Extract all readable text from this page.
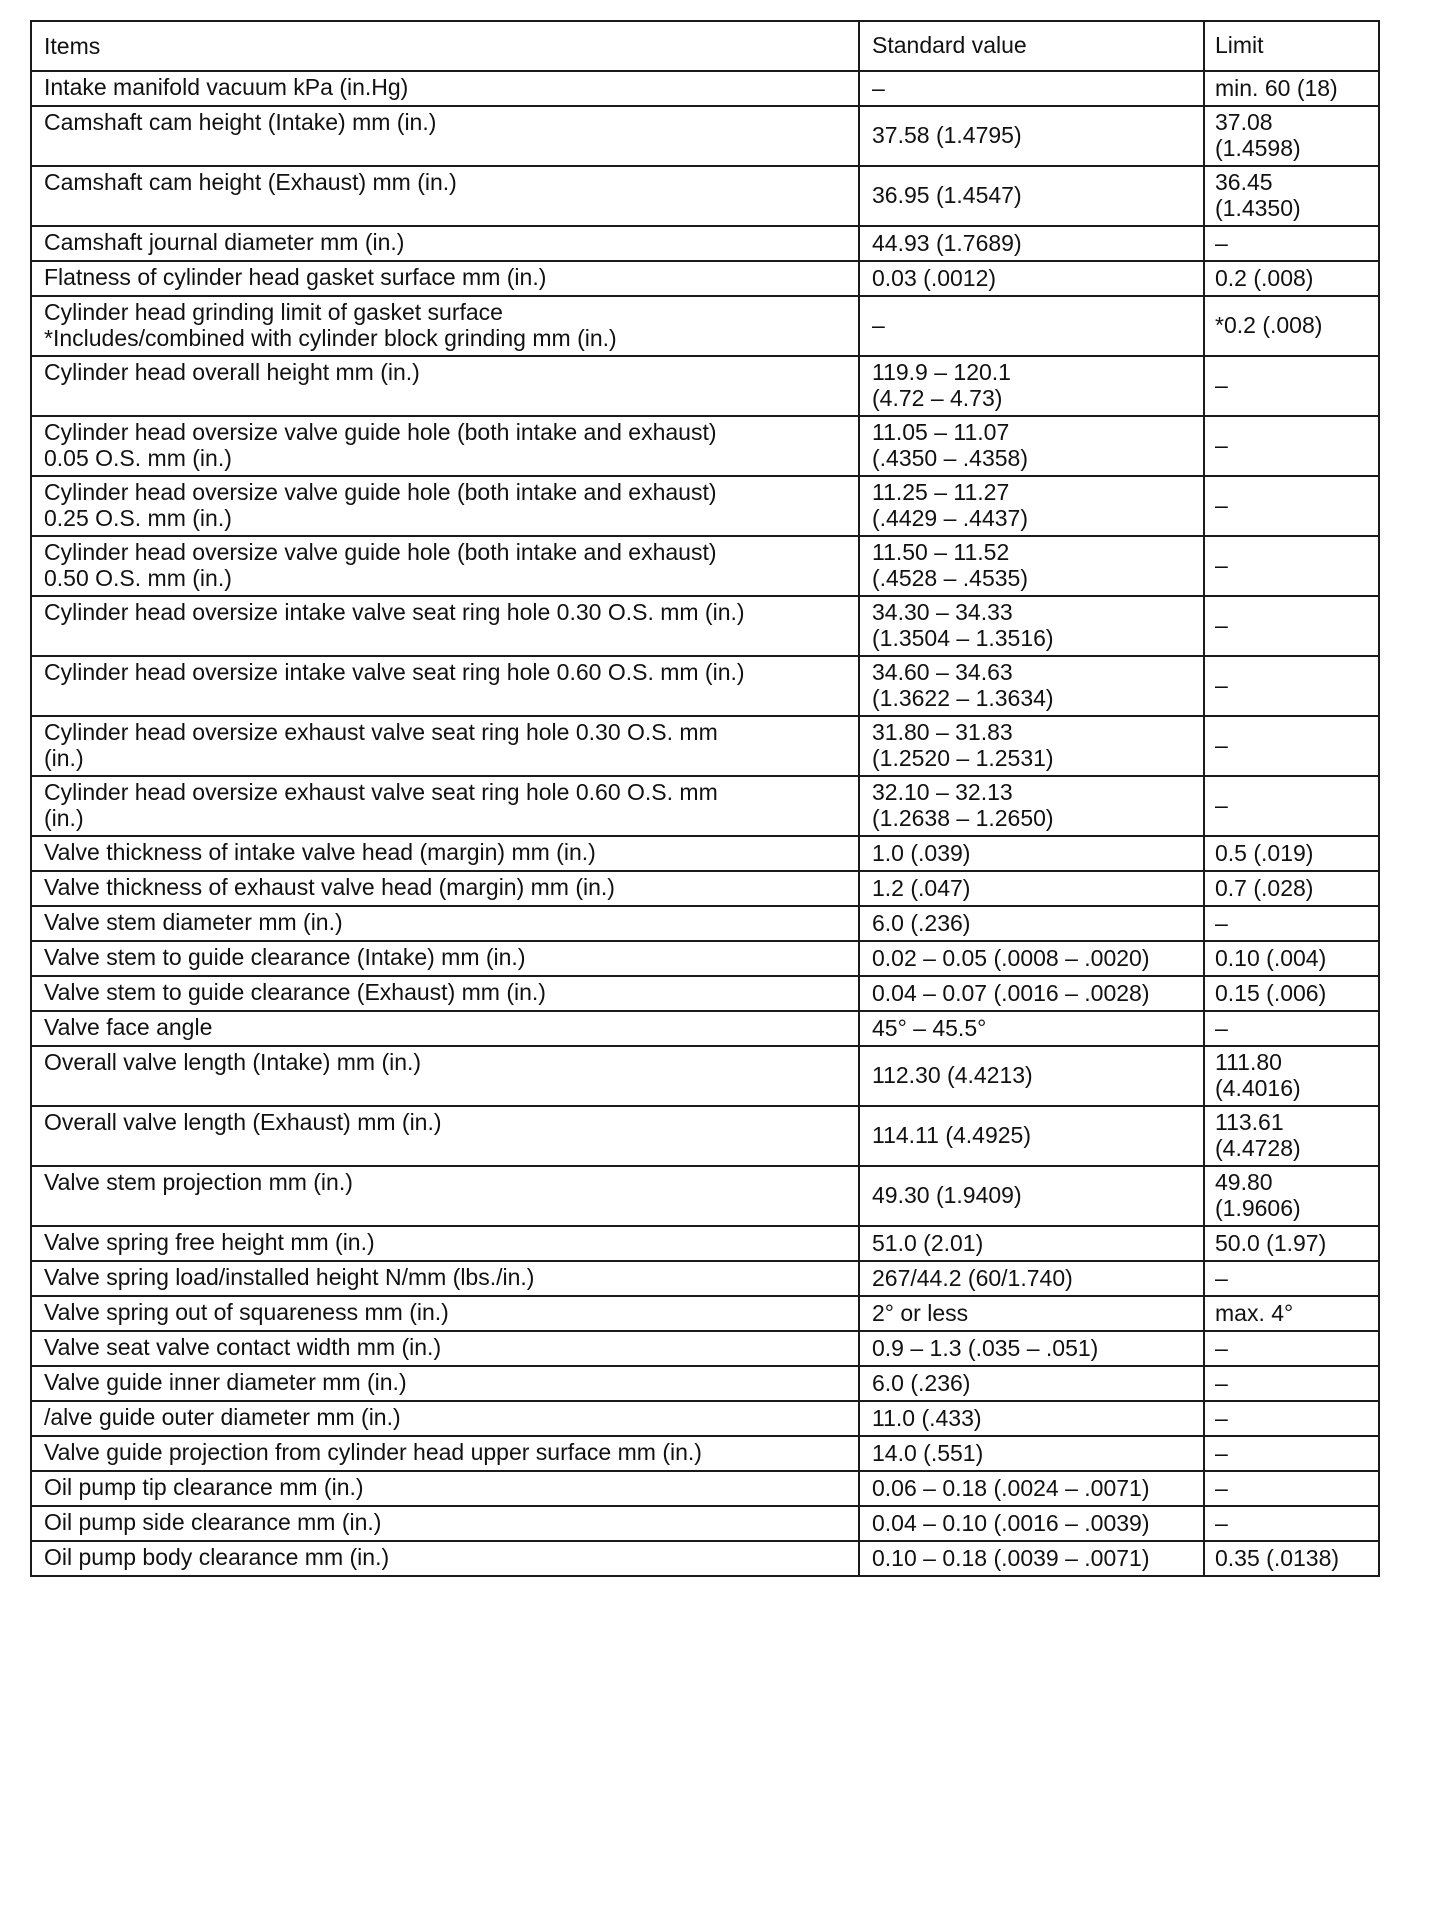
Items	Standard value	Limit

Intake manifold vacuum kPa (in.Hg)	–	min. 60 (18)

Camshaft cam height (Intake) mm (in.)	37.58 (1.4795)	37.08
(1.4598)

Camshaft cam height (Exhaust) mm (in.)	36.95 (1.4547)	36.45
(1.4350)

Camshaft journal diameter mm (in.)	44.93 (1.7689)	–

Flatness of cylinder head gasket surface mm (in.)	0.03 (.0012)	0.2 (.008)

Cylinder head grinding limit of gasket surface
*Includes/combined with cylinder block grinding mm (in.)	–	*0.2 (.008)

Cylinder head overall height mm (in.)	119.9 – 120.1
(4.72 – 4.73)	–

Cylinder head oversize valve guide hole (both intake and exhaust)
0.05 O.S. mm (in.)	11.05 – 11.07
(.4350 – .4358)	–

Cylinder head oversize valve guide hole (both intake and exhaust)
0.25 O.S. mm (in.)	11.25 – 11.27
(.4429 – .4437)	–

Cylinder head oversize valve guide hole (both intake and exhaust)
0.50 O.S. mm (in.)	11.50 – 11.52
(.4528 – .4535)	–

Cylinder head oversize intake valve seat ring hole 0.30 O.S. mm (in.)	34.30 – 34.33
(1.3504 – 1.3516)	–

Cylinder head oversize intake valve seat ring hole 0.60 O.S. mm (in.)	34.60 – 34.63
(1.3622 – 1.3634)	–

Cylinder head oversize exhaust valve seat ring hole 0.30 O.S. mm
(in.)	31.80 – 31.83
(1.2520 – 1.2531)	–

Cylinder head oversize exhaust valve seat ring hole 0.60 O.S. mm
(in.)	32.10 – 32.13
(1.2638 – 1.2650)	–

Valve thickness of intake valve head (margin) mm (in.)	1.0 (.039)	0.5 (.019)

Valve thickness of exhaust valve head (margin) mm (in.)	1.2 (.047)	0.7 (.028)

Valve stem diameter mm (in.)	6.0 (.236)	–

Valve stem to guide clearance (Intake) mm (in.)	0.02 – 0.05 (.0008 – .0020)	0.10 (.004)

Valve stem to guide clearance (Exhaust) mm (in.)	0.04 – 0.07 (.0016 – .0028)	0.15 (.006)

Valve face angle	45° – 45.5°	–

Overall valve length (Intake) mm (in.)	112.30 (4.4213)	111.80
(4.4016)

Overall valve length (Exhaust) mm (in.)	114.11 (4.4925)	113.61
(4.4728)

Valve stem projection mm (in.)	49.30 (1.9409)	49.80
(1.9606)

Valve spring free height mm (in.)	51.0 (2.01)	50.0 (1.97)

Valve spring load/installed height N/mm (lbs./in.)	267/44.2 (60/1.740)	–

Valve spring out of squareness mm (in.)	2° or less	max. 4°

Valve seat valve contact width mm (in.)	0.9 – 1.3 (.035 – .051)	–

Valve guide inner diameter mm (in.)	6.0 (.236)	–

/alve guide outer diameter mm (in.)	11.0 (.433)	–

Valve guide projection from cylinder head upper surface mm (in.)	14.0 (.551)	–

Oil pump tip clearance mm (in.)	0.06 – 0.18 (.0024 – .0071)	–

Oil pump side clearance mm (in.)	0.04 – 0.10 (.0016 – .0039)	–

Oil pump body clearance mm (in.)	0.10 – 0.18 (.0039 – .0071)	0.35 (.0138)
